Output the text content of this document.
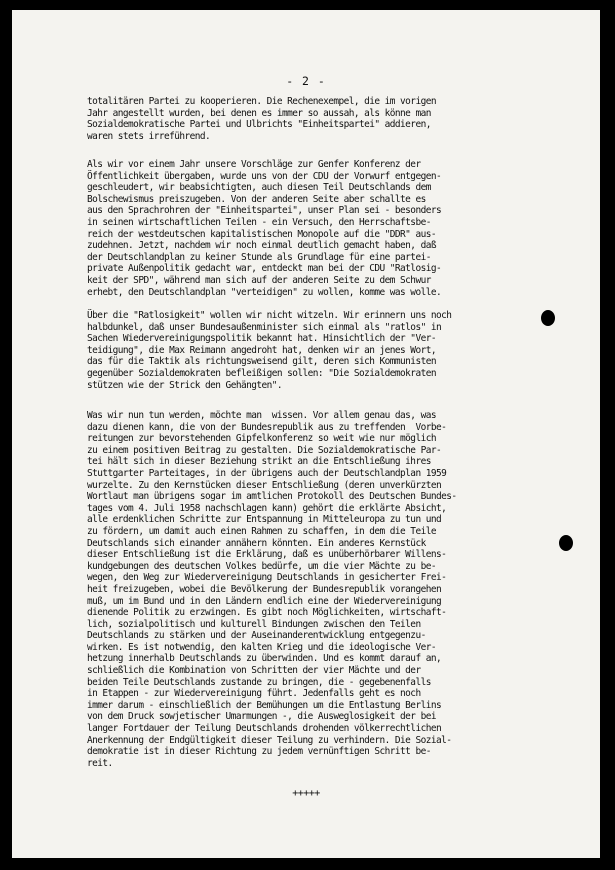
- 2 -

totalitären Partei zu kooperieren. Die Rechenexempel, die im vorigen
Jahr angestellt wurden, bei denen es immer so aussah, als könne man
Sozialdemokratische Partei und Ulbrichts "Einheitspartei" addieren,
waren stets irreführend.

Als wir vor einem Jahr unsere Vorschläge zur Genfer Konferenz der
Öffentlichkeit übergaben, wurde uns von der CDU der Vorwurf entgegen-
geschleudert, wir beabsichtigten, auch diesen Teil Deutschlands dem
Bolschewismus preiszugeben. Von der anderen Seite aber schallte es
aus den Sprachrohren der "Einheitspartei", unser Plan sei - besonders
in seinen wirtschaftlichen Teilen - ein Versuch, den Herrschaftsbe-
reich der westdeutschen kapitalistischen Monopole auf die "DDR" aus-
zudehnen. Jetzt, nachdem wir noch einmal deutlich gemacht haben, daß
der Deutschlandplan zu keiner Stunde als Grundlage für eine partei-
private Außenpolitik gedacht war, entdeckt man bei der CDU "Ratlosig-
keit der SPD", während man sich auf der anderen Seite zu dem Schwur
erhebt, den Deutschlandplan "verteidigen" zu wollen, komme was wolle.

Über die "Ratlosigkeit" wollen wir nicht witzeln. Wir erinnern uns noch
halbdunkel, daß unser Bundesaußenminister sich einmal als "ratlos" in
Sachen Wiedervereinigungspolitik bekannt hat. Hinsichtlich der "Ver-
teidigung", die Max Reimann angedroht hat, denken wir an jenes Wort,
das für die Taktik als richtungsweisend gilt, deren sich Kommunisten
gegenüber Sozialdemokraten befleißigen sollen: "Die Sozialdemokraten
stützen wie der Strick den Gehängten".

Was wir nun tun werden, möchte man  wissen. Vor allem genau das, was
dazu dienen kann, die von der Bundesrepublik aus zu treffenden  Vorbe-
reitungen zur bevorstehenden Gipfelkonferenz so weit wie nur möglich
zu einem positiven Beitrag zu gestalten. Die Sozialdemokratische Par-
tei hält sich in dieser Beziehung strikt an die Entschließung ihres
Stuttgarter Parteitages, in der übrigens auch der Deutschlandplan 1959
wurzelte. Zu den Kernstücken dieser Entschließung (deren unverkürzten
Wortlaut man übrigens sogar im amtlichen Protokoll des Deutschen Bundes-
tages vom 4. Juli 1958 nachschlagen kann) gehört die erklärte Absicht,
alle erdenklichen Schritte zur Entspannung in Mitteleuropa zu tun und
zu fördern, um damit auch einen Rahmen zu schaffen, in dem die Teile
Deutschlands sich einander annähern könnten. Ein anderes Kernstück
dieser Entschließung ist die Erklärung, daß es unüberhörbarer Willens-
kundgebungen des deutschen Volkes bedürfe, um die vier Mächte zu be-
wegen, den Weg zur Wiedervereinigung Deutschlands in gesicherter Frei-
heit freizugeben, wobei die Bevölkerung der Bundesrepublik vorangehen
muß, um im Bund und in den Ländern endlich eine der Wiedervereinigung
dienende Politik zu erzwingen. Es gibt noch Möglichkeiten, wirtschaft-
lich, sozialpolitisch und kulturell Bindungen zwischen den Teilen
Deutschlands zu stärken und der Auseinanderentwicklung entgegenzu-
wirken. Es ist notwendig, den kalten Krieg und die ideologische Ver-
hetzung innerhalb Deutschlands zu überwinden. Und es kommt darauf an,
schließlich die Kombination von Schritten der vier Mächte und der
beiden Teile Deutschlands zustande zu bringen, die - gegebenenfalls
in Etappen - zur Wiedervereinigung führt. Jedenfalls geht es noch
immer darum - einschließlich der Bemühungen um die Entlastung Berlins
von dem Druck sowjetischer Umarmungen -, die Ausweglosigkeit der bei
langer Fortdauer der Teilung Deutschlands drohenden völkerrechtlichen
Anerkennung der Endgültigkeit dieser Teilung zu verhindern. Die Sozial-
demokratie ist in dieser Richtung zu jedem vernünftigen Schritt be-
reit.

+++++
